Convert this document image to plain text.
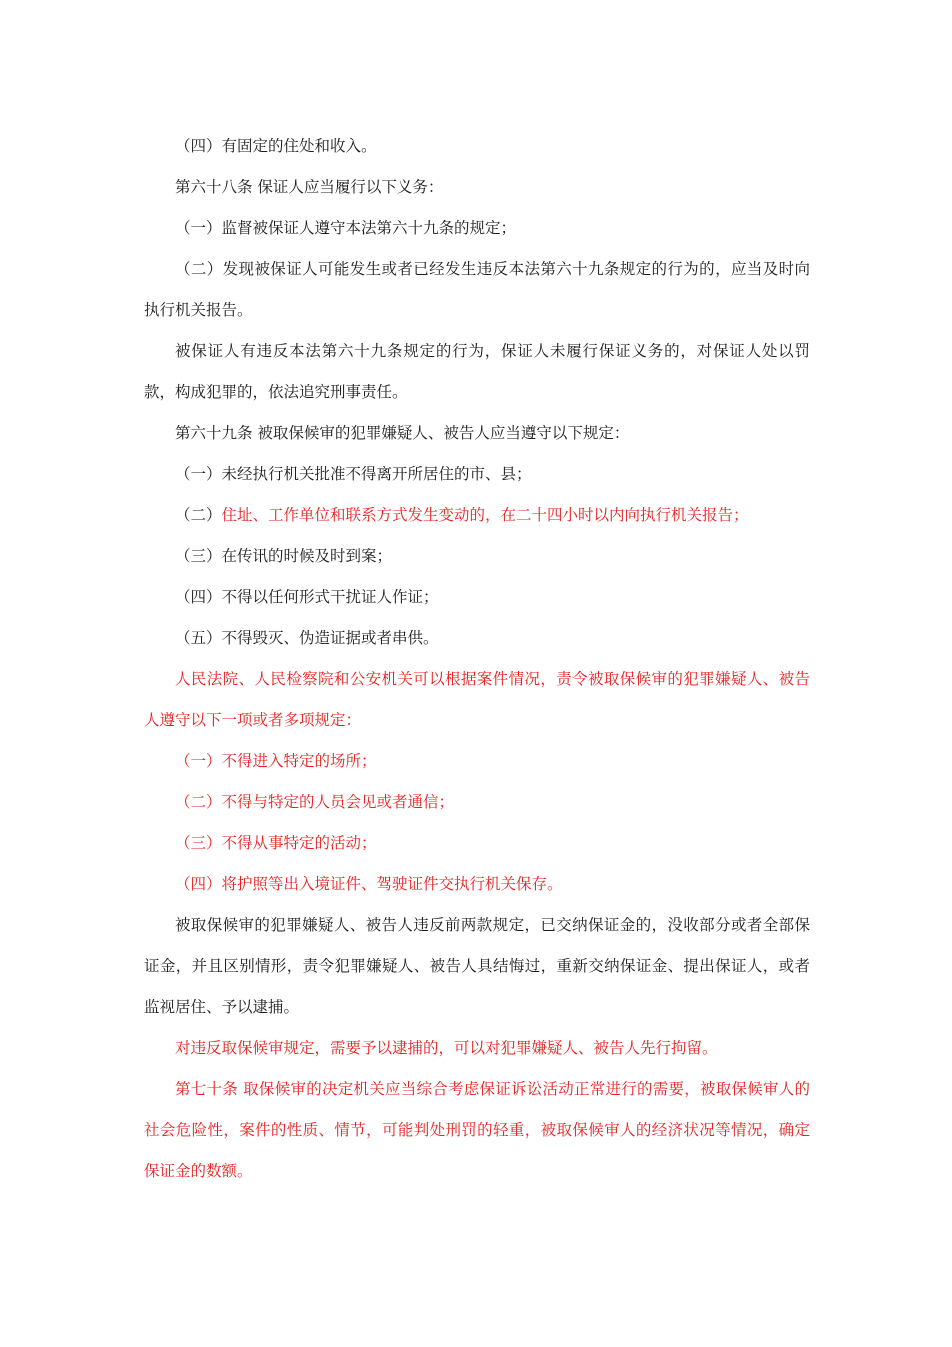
（四）有固定的住处和收入。

第六十八条 保证人应当履行以下义务：

（一）监督被保证人遵守本法第六十九条的规定；

（二）发现被保证人可能发生或者已经发生违反本法第六十九条规定的行为的，应当及时向执行机关报告。

被保证人有违反本法第六十九条规定的行为，保证人未履行保证义务的，对保证人处以罚款，构成犯罪的，依法追究刑事责任。

第六十九条 被取保候审的犯罪嫌疑人、被告人应当遵守以下规定：

（一）未经执行机关批准不得离开所居住的市、县；

（二）住址、工作单位和联系方式发生变动的，在二十四小时以内向执行机关报告；

（三）在传讯的时候及时到案；

（四）不得以任何形式干扰证人作证；

（五）不得毁灭、伪造证据或者串供。

人民法院、人民检察院和公安机关可以根据案件情况，责令被取保候审的犯罪嫌疑人、被告人遵守以下一项或者多项规定：

（一）不得进入特定的场所；

（二）不得与特定的人员会见或者通信；

（三）不得从事特定的活动；

（四）将护照等出入境证件、驾驶证件交执行机关保存。

被取保候审的犯罪嫌疑人、被告人违反前两款规定，已交纳保证金的，没收部分或者全部保证金，并且区别情形，责令犯罪嫌疑人、被告人具结悔过，重新交纳保证金、提出保证人，或者监视居住、予以逮捕。

对违反取保候审规定，需要予以逮捕的，可以对犯罪嫌疑人、被告人先行拘留。

第七十条 取保候审的决定机关应当综合考虑保证诉讼活动正常进行的需要，被取保候审人的社会危险性，案件的性质、情节，可能判处刑罚的轻重，被取保候审人的经济状况等情况，确定保证金的数额。
